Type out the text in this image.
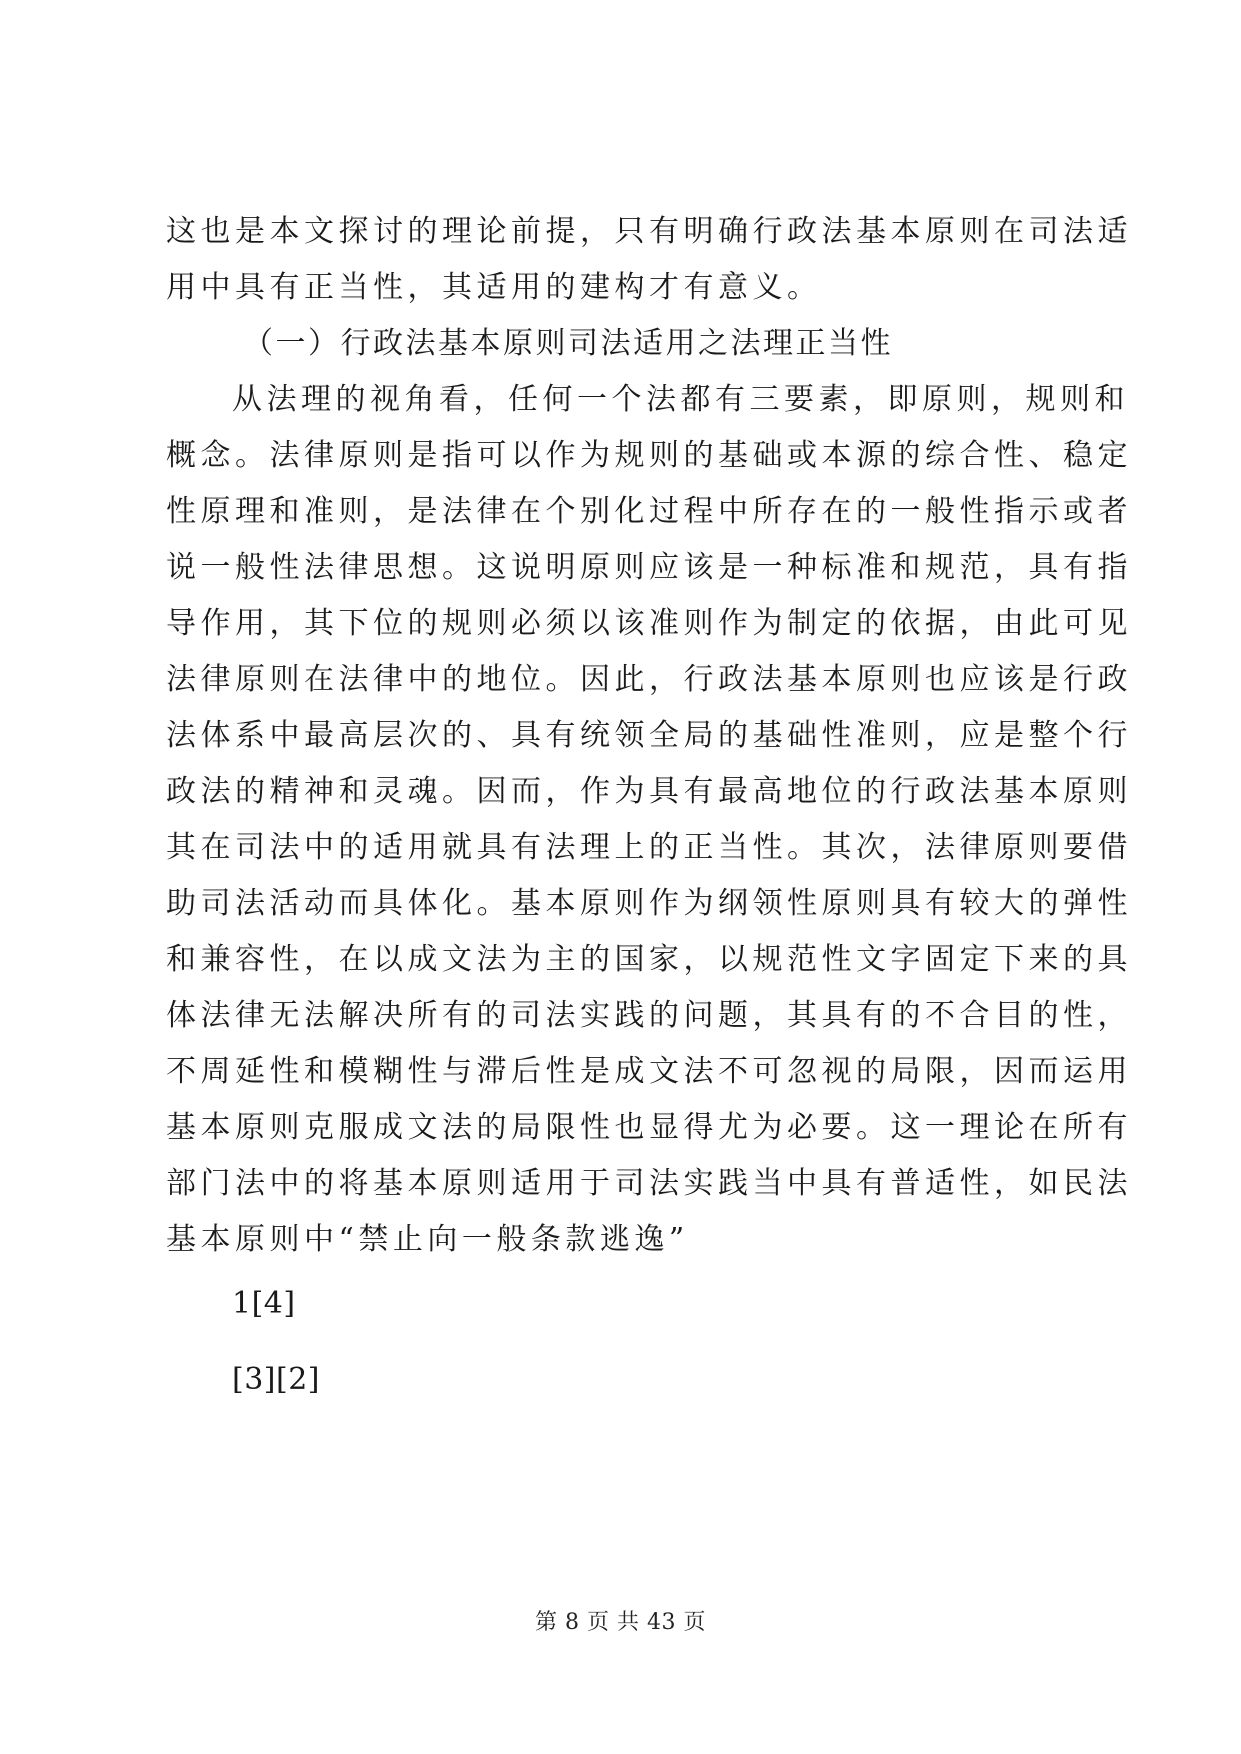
这也是本文探讨的理论前提，只有明确行政法基本原则在司法适
用中具有正当性，其适用的建构才有意义。
（一）行政法基本原则司法适用之法理正当性
从法理的视角看，任何一个法都有三要素，即原则，规则和
概念。法律原则是指可以作为规则的基础或本源的综合性、稳定
性原理和准则，是法律在个别化过程中所存在的一般性指示或者
说一般性法律思想。这说明原则应该是一种标准和规范，具有指
导作用，其下位的规则必须以该准则作为制定的依据，由此可见
法律原则在法律中的地位。因此，行政法基本原则也应该是行政
法体系中最高层次的、具有统领全局的基础性准则，应是整个行
政法的精神和灵魂。因而，作为具有最高地位的行政法基本原则
其在司法中的适用就具有法理上的正当性。其次，法律原则要借
助司法活动而具体化。基本原则作为纲领性原则具有较大的弹性
和兼容性，在以成文法为主的国家，以规范性文字固定下来的具
体法律无法解决所有的司法实践的问题，其具有的不合目的性，
不周延性和模糊性与滞后性是成文法不可忽视的局限，因而运用
基本原则克服成文法的局限性也显得尤为必要。这一理论在所有
部门法中的将基本原则适用于司法实践当中具有普适性，如民法
基本原则中“禁止向一般条款逃逸”
1[4]
[3][2]
第 8 页 共 43 页
